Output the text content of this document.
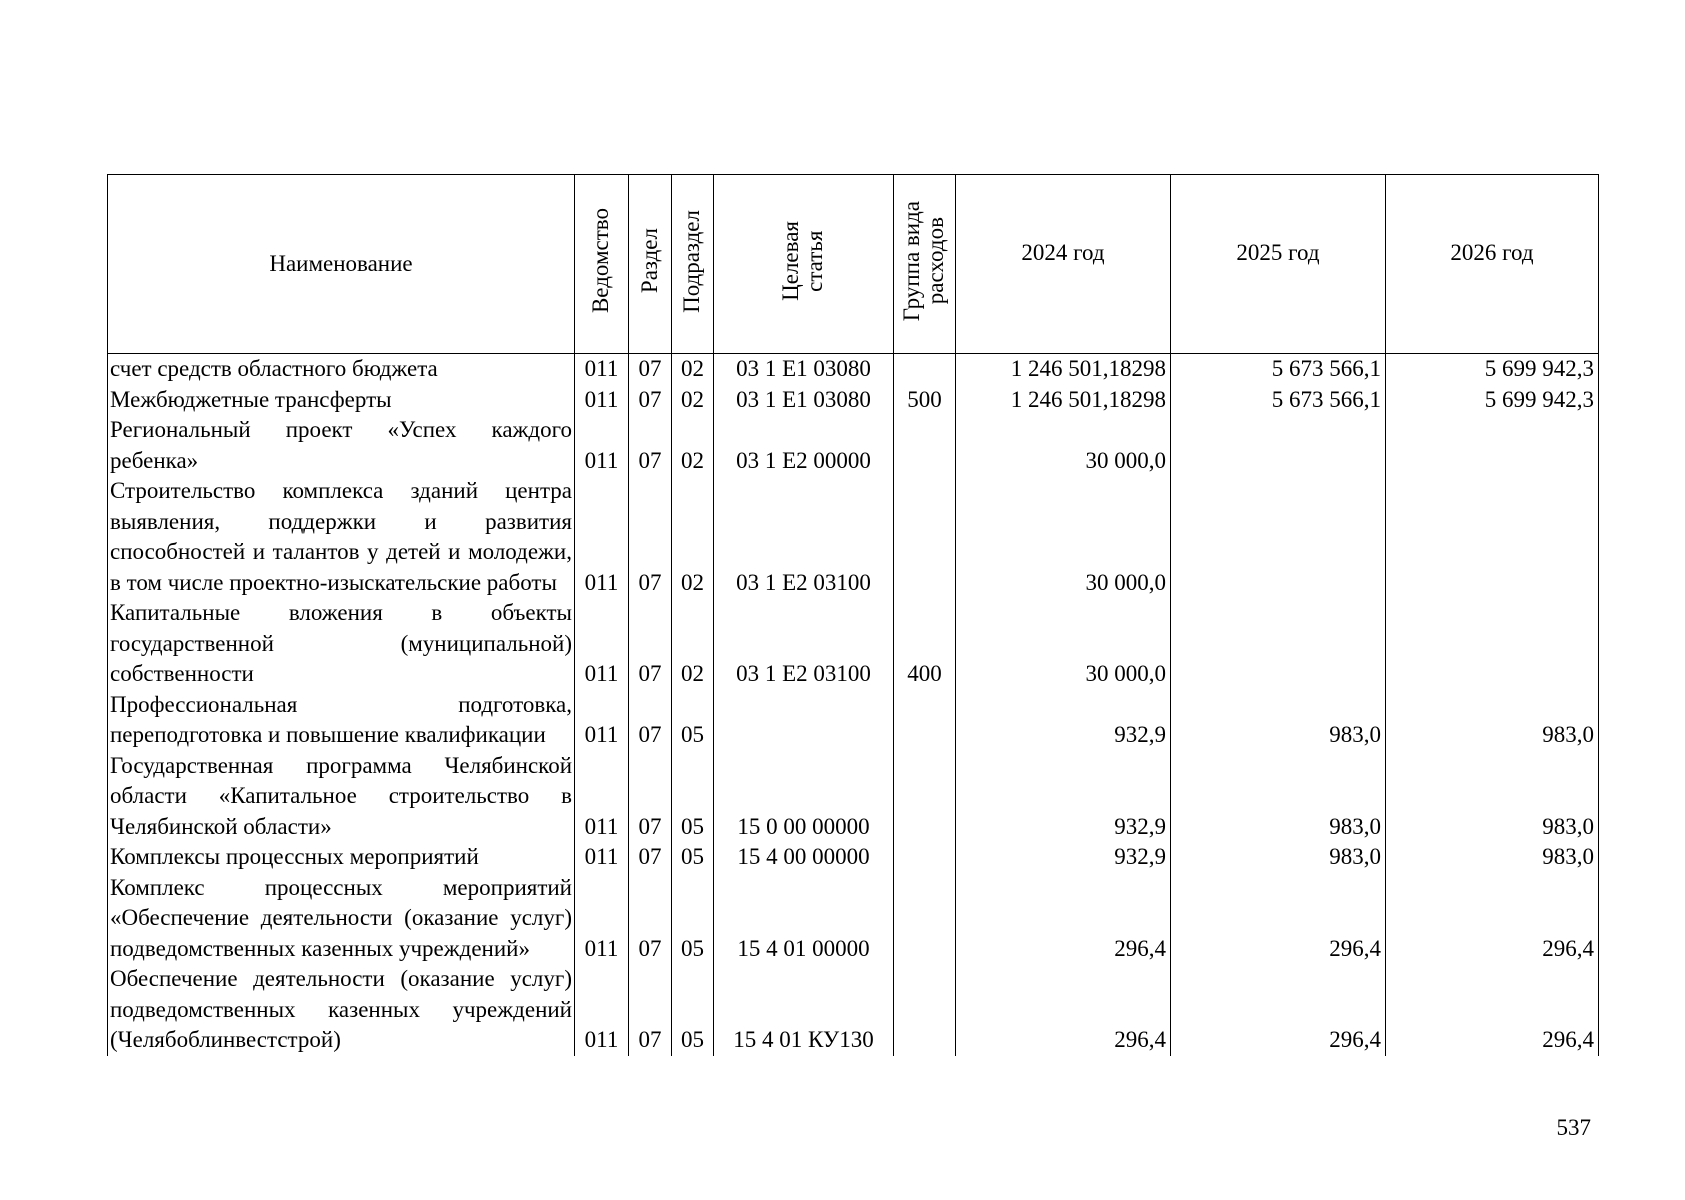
Наименование	Ведомство	Раздел	Подраздел	Целевая
статья	Группа вида
расходов	2024 год	2025 год	2026 год
счет средств областного бюджета	011	07	02	03 1 Е1 03080		1 246 501,18298	5 673 566,1	5 699 942,3
Межбюджетные трансферты	011	07	02	03 1 Е1 03080	500	1 246 501,18298	5 673 566,1	5 699 942,3
Региональный проект «Успех каждого ребенка»	011	07	02	03 1 Е2 00000		30 000,0		
Строительство комплекса зданий центра выявления, поддержки и развития способностей и талантов у детей и молодежи, в том числе проектно-изыскательские работы	011	07	02	03 1 Е2 03100		30 000,0		
Капитальные вложения в объекты государственной (муниципальной) собственности	011	07	02	03 1 Е2 03100	400	30 000,0		
Профессиональная подготовка, переподготовка и повышение квалификации	011	07	05			932,9	983,0	983,0
Государственная программа Челябинской области «Капитальное строительство в Челябинской области»	011	07	05	15 0 00 00000		932,9	983,0	983,0
Комплексы процессных мероприятий	011	07	05	15 4 00 00000		932,9	983,0	983,0
Комплекс процессных мероприятий «Обеспечение деятельности (оказание услуг) подведомственных казенных учреждений»	011	07	05	15 4 01 00000		296,4	296,4	296,4
Обеспечение деятельности (оказание услуг) подведомственных казенных учреждений (Челябоблинвестстрой)	011	07	05	15 4 01 КУ130		296,4	296,4	296,4
537
